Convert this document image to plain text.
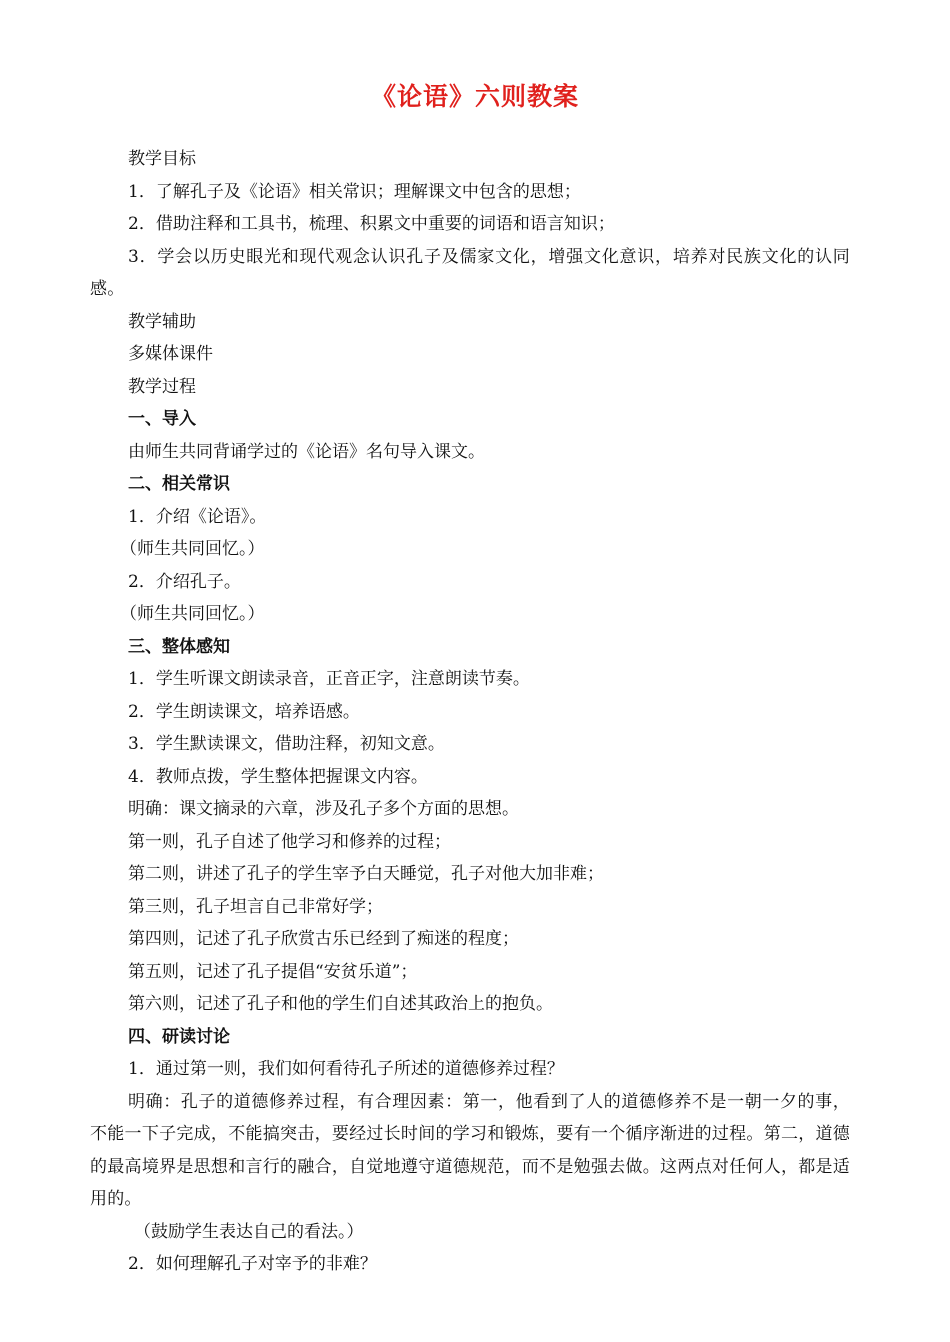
《论语》六则教案
教学目标
1．了解孔子及《论语》相关常识；理解课文中包含的思想；
2．借助注释和工具书，梳理、积累文中重要的词语和语言知识；
3．学会以历史眼光和现代观念认识孔子及儒家文化，增强文化意识，培养对民族文化的认同感。
教学辅助
多媒体课件
教学过程
一、导入
由师生共同背诵学过的《论语》名句导入课文。
二、相关常识
1．介绍《论语》。
（师生共同回忆。）
2．介绍孔子。
（师生共同回忆。）
三、整体感知
1．学生听课文朗读录音，正音正字，注意朗读节奏。
2．学生朗读课文，培养语感。
3．学生默读课文，借助注释，初知文意。
4．教师点拨，学生整体把握课文内容。
明确：课文摘录的六章，涉及孔子多个方面的思想。
第一则，孔子自述了他学习和修养的过程；
第二则，讲述了孔子的学生宰予白天睡觉，孔子对他大加非难；
第三则，孔子坦言自己非常好学；
第四则，记述了孔子欣赏古乐已经到了痴迷的程度；
第五则，记述了孔子提倡“安贫乐道”；
第六则，记述了孔子和他的学生们自述其政治上的抱负。
四、研读讨论
1．通过第一则，我们如何看待孔子所述的道德修养过程？
明确：孔子的道德修养过程，有合理因素：第一，他看到了人的道德修养不是一朝一夕的事，不能一下子完成，不能搞突击，要经过长时间的学习和锻炼，要有一个循序渐进的过程。第二，道德的最高境界是思想和言行的融合，自觉地遵守道德规范，而不是勉强去做。这两点对任何人，都是适用的。
（鼓励学生表达自己的看法。）
2．如何理解孔子对宰予的非难？
